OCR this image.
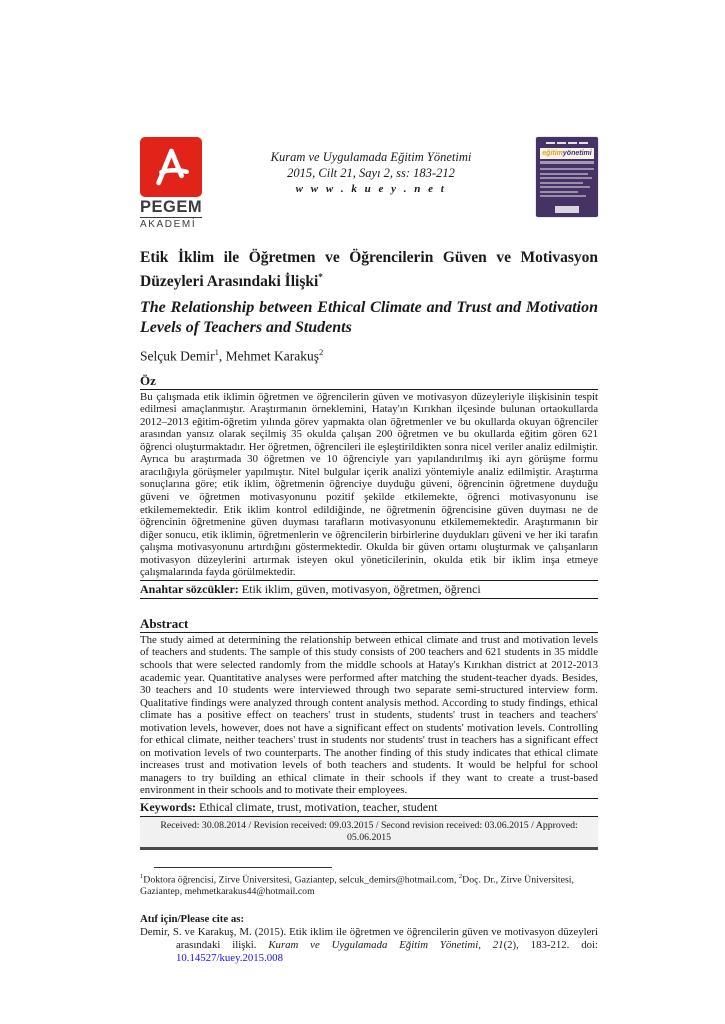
PEGEM
AKADEMİ
Kuram ve Uygulamada Eğitim Yönetimi
2015, Cilt 21, Sayı 2, ss: 183-212
w w w . k u e y . n e t
eğitim yönetimi
Etik İklim ile Öğretmen ve Öğrencilerin Güven ve Motivasyon Düzeyleri Arasındaki İlişki*
The Relationship between Ethical Climate and Trust and Motivation Levels of Teachers and Students
Selçuk Demir$^1$, Mehmet Karakuş$^2$
Öz
Bu çalışmada etik iklimin öğretmen ve öğrencilerin güven ve motivasyon düzeyleriyle ilişkisinin tespit edilmesi amaçlanmıştır. Araştırmanın örneklemini, Hatay'ın Kırıkhan ilçesinde bulunan ortaokullarda 2012–2013 eğitim-öğretim yılında görev yapmakta olan öğretmenler ve bu okullarda okuyan öğrenciler arasından yansız olarak seçilmiş 35 okulda çalışan 200 öğretmen ve bu okullarda eğitim gören 621 öğrenci oluşturmaktadır. Her öğretmen, öğrencileri ile eşleştirildikten sonra nicel veriler analiz edilmiştir. Ayrıca bu araştırmada 30 öğretmen ve 10 öğrenciyle yarı yapılandırılmış iki ayrı görüşme formu aracılığıyla görüşmeler yapılmıştır. Nitel bulgular içerik analizi yöntemiyle analiz edilmiştir. Araştırma sonuçlarına göre; etik iklim, öğretmenin öğrenciye duyduğu güveni, öğrencinin öğretmene duyduğu güveni ve öğretmen motivasyonunu pozitif şekilde etkilemekte, öğrenci motivasyonunu ise etkilememektedir. Etik iklim kontrol edildiğinde, ne öğretmenin öğrencisine güven duyması ne de öğrencinin öğretmenine güven duyması tarafların motivasyonunu etkilememektedir. Araştırmanın bir diğer sonucu, etik iklimin, öğretmenlerin ve öğrencilerin birbirlerine duydukları güveni ve her iki tarafın çalışma motivasyonunu artırdığını göstermektedir. Okulda bir güven ortamı oluşturmak ve çalışanların motivasyon düzeylerini artırmak isteyen okul yöneticilerinin, okulda etik bir iklim inşa etmeye çalışmalarında fayda görülmektedir.
Anahtar sözcükler: Etik iklim, güven, motivasyon, öğretmen, öğrenci
Abstract
The study aimed at determining the relationship between ethical climate and trust and motivation levels of teachers and students. The sample of this study consists of 200 teachers and 621 students in 35 middle schools that were selected randomly from the middle schools at Hatay's Kırıkhan district at 2012-2013 academic year. Quantitative analyses were performed after matching the student-teacher dyads. Besides, 30 teachers and 10 students were interviewed through two separate semi-structured interview form. Qualitative findings were analyzed through content analysis method. According to study findings, ethical climate has a positive effect on teachers' trust in students, students' trust in teachers and teachers' motivation levels, however, does not have a significant effect on students' motivation levels. Controlling for ethical climate, neither teachers' trust in students nor students' trust in teachers has a significant effect on motivation levels of two counterparts. The another finding of this study indicates that ethical climate increases trust and motivation levels of both teachers and students. It would be helpful for school managers to try building an ethical climate in their schools if they want to create a trust-based environment in their schools and to motivate their employees.
Keywords: Ethical climate, trust, motivation, teacher, student
Received: 30.08.2014 / Revision received: 09.03.2015 / Second revision received: 03.06.2015 / Approved: 05.06.2015
$^1$Doktora öğrencisi, Zirve Üniversitesi, Gaziantep, selcuk_demirs@hotmail.com, $^2$Doç. Dr., Zirve Üniversitesi, Gaziantep, mehmetkarakus44@hotmail.com
Atıf için/Please cite as:
Demir, S. ve Karakuş, M. (2015). Etik iklim ile öğretmen ve öğrencilerin güven ve motivasyon düzeyleri arasındaki ilişki. Kuram ve Uygulamada Eğitim Yönetimi, 21(2), 183-212. doi: 10.14527/kuey.2015.008
